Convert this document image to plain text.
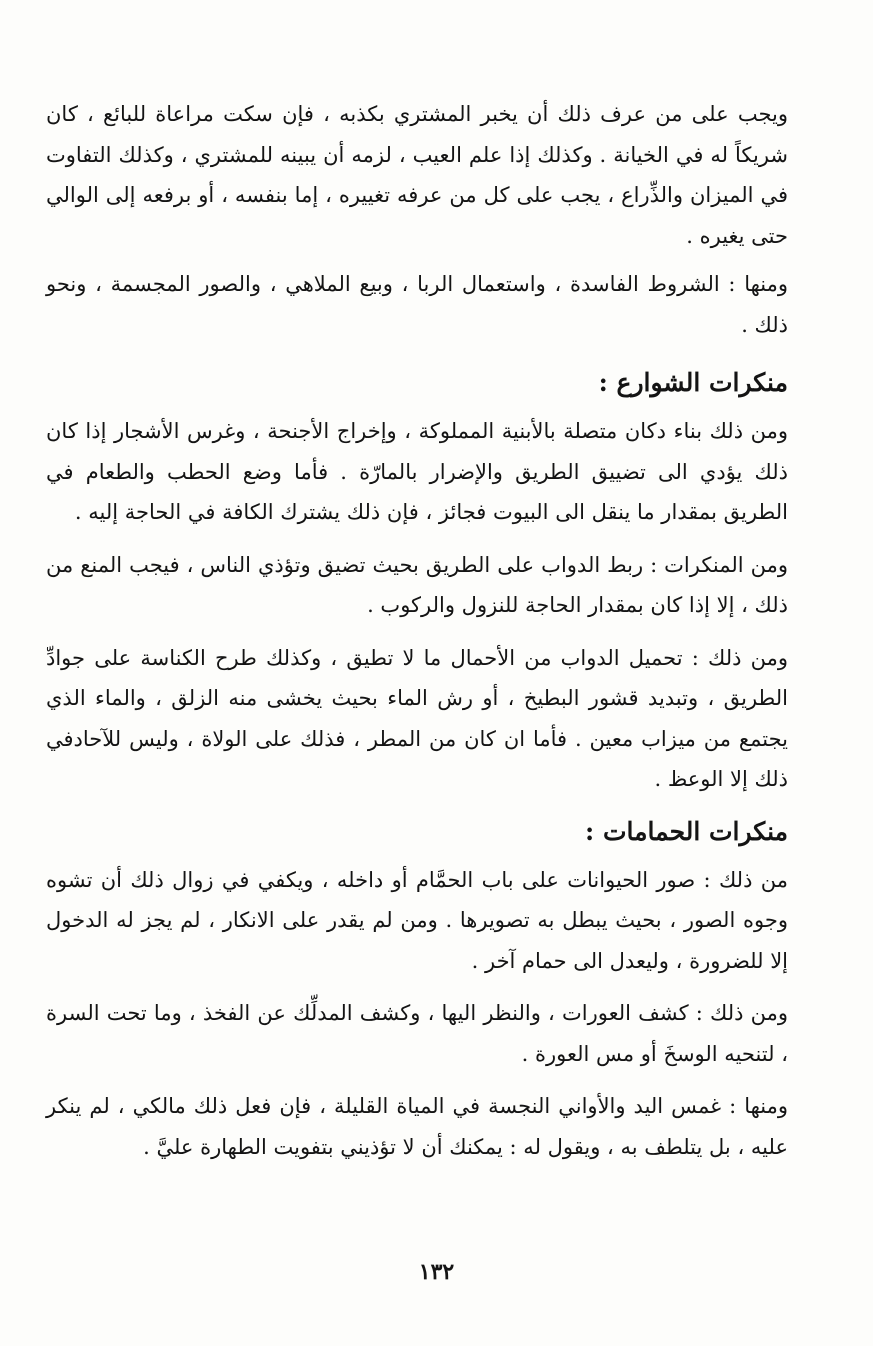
ويجب على من عرف ذلك أن يخبر المشتري بكذبه ، فإن سكت مراعاة للبائع ، كان شريكاً له في الخيانة . وكذلك إذا علم العيب ، لزمه أن يبينه للمشتري ، وكذلك التفاوت في الميزان والذِّراع ، يجب على كل من عرفه تغييره ، إما بنفسه ، أو برفعه إلى الوالي حتى يغيره .

ومنها : الشروط الفاسدة ، واستعمال الربا ، وبيع الملاهي ، والصور المجسمة ، ونحو ذلك .

منكرات الشوارع :

ومن ذلك بناء دكان متصلة بالأبنية المملوكة ، وإخراج الأجنحة ، وغرس الأشجار إذا كان ذلك يؤدي الى تضييق الطريق والإضرار بالمارّة . فأما وضع الحطب والطعام في الطريق بمقدار ما ينقل الى البيوت فجائز ، فإن ذلك يشترك الكافة في الحاجة إليه .

ومن المنكرات : ربط الدواب على الطريق بحيث تضيق وتؤذي الناس ، فيجب المنع من ذلك ، إلا إذا كان بمقدار الحاجة للنزول والركوب .

ومن ذلك : تحميل الدواب من الأحمال ما لا تطيق ، وكذلك طرح الكناسة على جوادِّ الطريق ، وتبديد قشور البطيخ ، أو رش الماء بحيث يخشى منه الزلق ، والماء الذي يجتمع من ميزاب معين . فأما ان كان من المطر ، فذلك على الولاة ، وليس للآحادفي ذلك إلا الوعظ .

منكرات الحمامات :

من ذلك : صور الحيوانات على باب الحمَّام أو داخله ، ويكفي في زوال ذلك أن تشوه وجوه الصور ، بحيث يبطل به تصويرها . ومن لم يقدر على الانكار ، لم يجز له الدخول إلا للضرورة ، وليعدل الى حمام آخر .

ومن ذلك : كشف العورات ، والنظر اليها ، وكشف المدلِّك عن الفخذ ، وما تحت السرة ، لتنحيه الوسخَ أو مس العورة .

ومنها : غمس اليد والأواني النجسة في المياة القليلة ، فإن فعل ذلك مالكي ، لم ينكر عليه ، بل يتلطف به ، ويقول له : يمكنك أن لا تؤذيني بتفويت الطهارة عليَّ .

١٣٢
